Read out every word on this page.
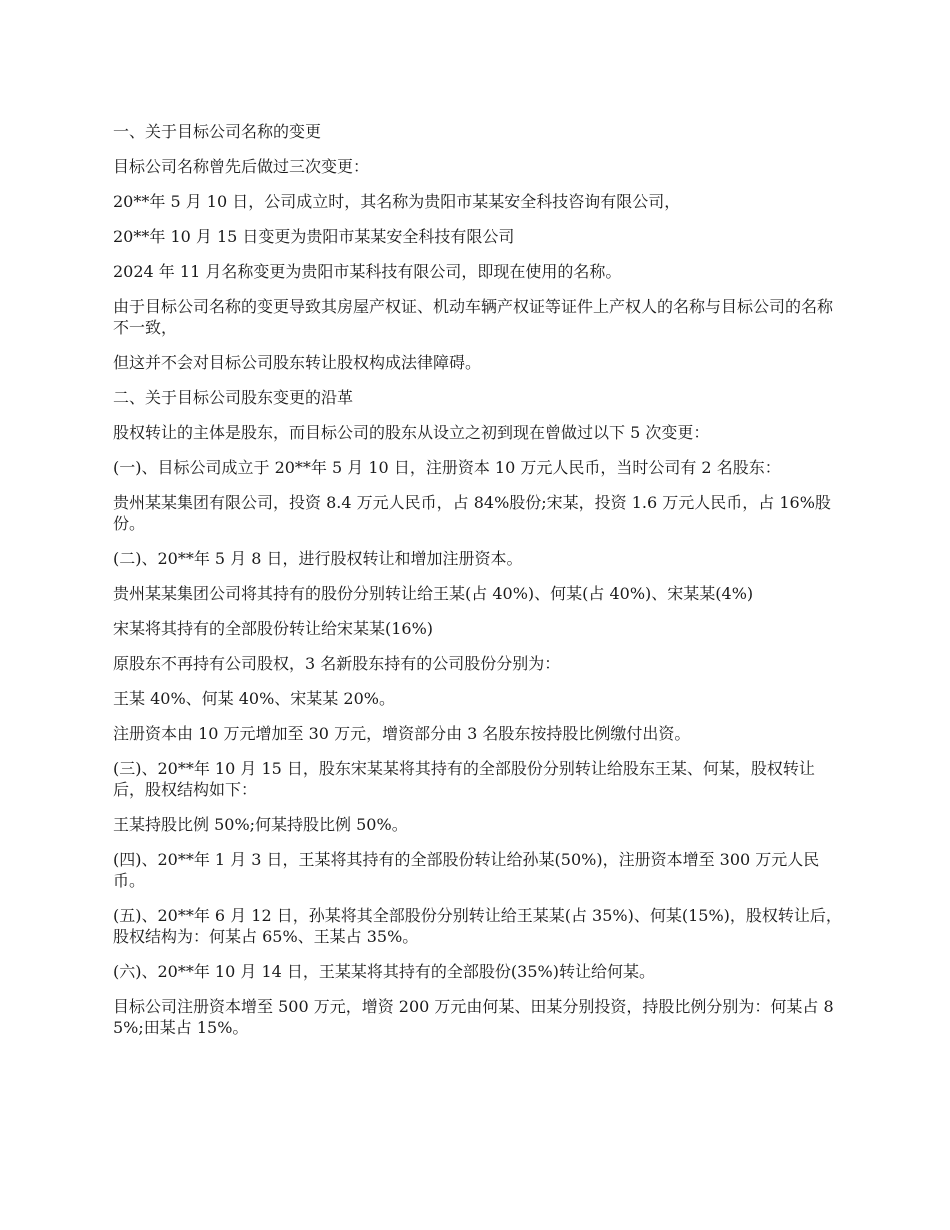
一、关于目标公司名称的变更

目标公司名称曾先后做过三次变更：

20**年 5 月 10 日，公司成立时，其名称为贵阳市某某安全科技咨询有限公司，

20**年 10 月 15 日变更为贵阳市某某安全科技有限公司

2024 年 11 月名称变更为贵阳市某科技有限公司，即现在使用的名称。

由于目标公司名称的变更导致其房屋产权证、机动车辆产权证等证件上产权人的名称与目标公司的名称不一致，

但这并不会对目标公司股东转让股权构成法律障碍。

二、关于目标公司股东变更的沿革

股权转让的主体是股东，而目标公司的股东从设立之初到现在曾做过以下 5 次变更：

(一)、目标公司成立于 20**年 5 月 10 日，注册资本 10 万元人民币，当时公司有 2 名股东：

贵州某某集团有限公司，投资 8.4 万元人民币，占 84%股份;宋某，投资 1.6 万元人民币，占 16%股份。

(二)、20**年 5 月 8 日，进行股权转让和增加注册资本。

贵州某某集团公司将其持有的股份分别转让给王某(占 40%)、何某(占 40%)、宋某某(4%)

宋某将其持有的全部股份转让给宋某某(16%)

原股东不再持有公司股权，3 名新股东持有的公司股份分别为：

王某 40%、何某 40%、宋某某 20%。

注册资本由 10 万元增加至 30 万元，增资部分由 3 名股东按持股比例缴付出资。

(三)、20**年 10 月 15 日，股东宋某某将其持有的全部股份分别转让给股东王某、何某，股权转让后，股权结构如下：

王某持股比例 50%;何某持股比例 50%。

(四)、20**年 1 月 3 日，王某将其持有的全部股份转让给孙某(50%)，注册资本增至 300 万元人民币。

(五)、20**年 6 月 12 日，孙某将其全部股份分别转让给王某某(占 35%)、何某(15%)，股权转让后，股权结构为：何某占 65%、王某占 35%。

(六)、20**年 10 月 14 日，王某某将其持有的全部股份(35%)转让给何某。

目标公司注册资本增至 500 万元，增资 200 万元由何某、田某分别投资，持股比例分别为：何某占 85%;田某占 15%。
